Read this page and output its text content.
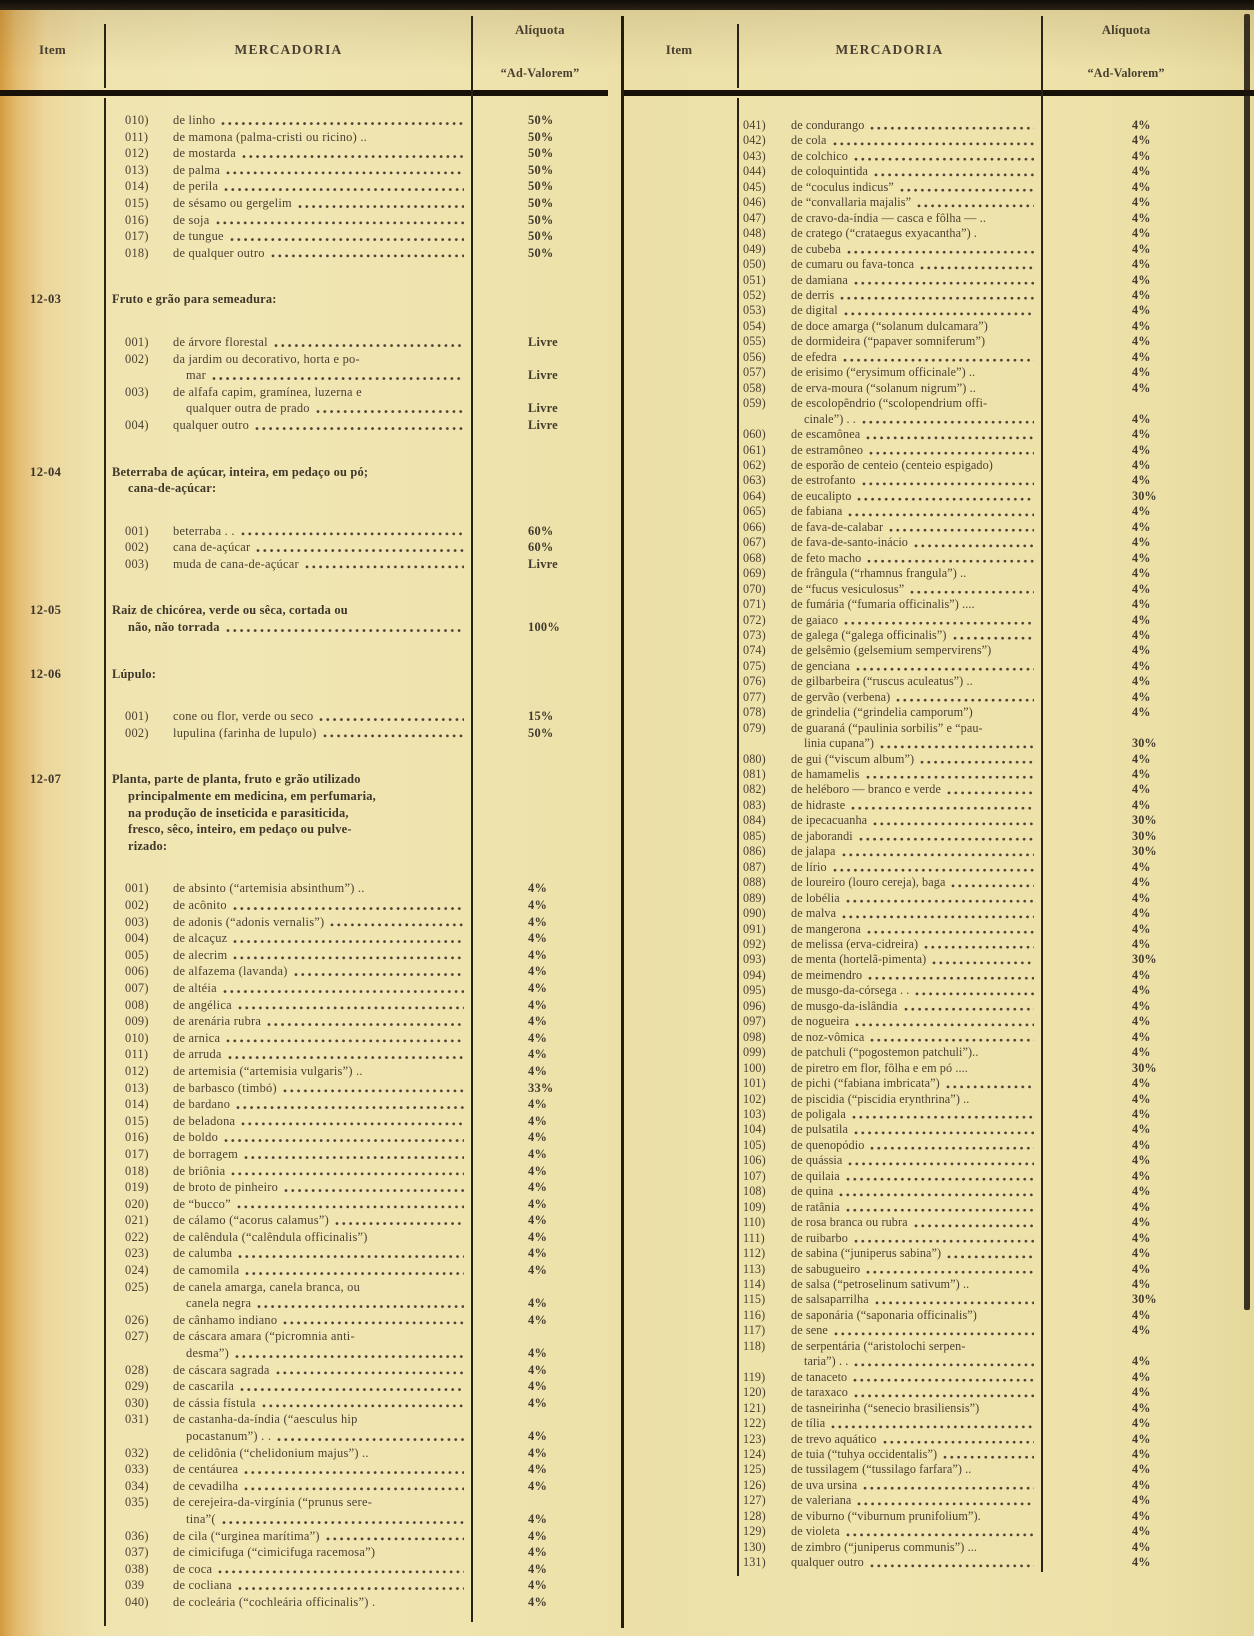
Item	MERCADORIA
Alíquota
“Ad-Valorem”
010)	de linho	50%
011)	de mamona (palma-cristi ou ricino) ..	50%
012)	de mostarda	50%
013)	de palma	50%
014)	de perila	50%
015)	de sésamo ou gergelim	50%
016)	de soja	50%
017)	de tungue	50%
018)	de qualquer outro	50%
12-03	Fruto e grão para semeadura:
001)	de árvore florestal	Livre
002)	da jardim ou decorativo, horta e po-
mar	Livre
003)	de alfafa capim, gramínea, luzerna e
qualquer outra de prado	Livre
004)	qualquer outro	Livre
12-04	Beterraba de açúcar, inteira, em pedaço ou pó;
cana-de-açúcar:
001)	beterraba . .	60%
002)	cana de-açúcar	60%
003)	muda de cana-de-açúcar	Livre
12-05	Raiz de chicórea, verde ou sêca, cortada ou
não, não torrada	100%
12-06	Lúpulo:
001)	cone ou flor, verde ou seco	15%
002)	lupulina (farinha de lupulo)	50%
12-07	Planta, parte de planta, fruto e grão utilizado
principalmente em medicina, em perfumaria,
na produção de inseticida e parasiticida,
fresco, sêco, inteiro, em pedaço ou pulve-
rizado:
001)	de absinto (“artemisia absinthum”) ..	4%
002)	de acônito	4%
003)	de adonis (“adonis vernalis”)	4%
004)	de alcaçuz	4%
005)	de alecrim	4%
006)	de alfazema (lavanda)	4%
007)	de altéia	4%
008)	de angélica	4%
009)	de arenária rubra	4%
010)	de arnica	4%
011)	de arruda	4%
012)	de artemisia (“artemisia vulgaris”) ..	4%
013)	de barbasco (timbó)	33%
014)	de bardano	4%
015)	de beladona	4%
016)	de boldo	4%
017)	de borragem	4%
018)	de briônia	4%
019)	de broto de pinheiro	4%
020)	de “bucco”	4%
021)	de cálamo (“acorus calamus”)	4%
022)	de calêndula (“calêndula officinalis”)	4%
023)	de calumba	4%
024)	de camomila	4%
025)	de canela amarga, canela branca, ou
canela negra	4%
026)	de cânhamo indiano	4%
027)	de cáscara amara (“picromnia anti-
desma”)	4%
028)	de cáscara sagrada	4%
029)	de cascarila	4%
030)	de cássia fístula	4%
031)	de castanha-da-índia (“aesculus hip
pocastanum”) . .	4%
032)	de celidônia (“chelidonium majus”) ..	4%
033)	de centáurea	4%
034)	de cevadilha	4%
035)	de cerejeira-da-virgínia (“prunus sere-
tina”(	4%
036)	de cila (“urginea marítima”)	4%
037)	de cimicifuga (“cimicifuga racemosa”)	4%
038)	de coca	4%
039	de cocliana	4%
040)	de cocleária (“cochleária officinalis”) .	4%
Item	MERCADORIA
Alíquota
“Ad-Valorem”
041)	de condurango	4%
042)	de cola	4%
043)	de colchico	4%
044)	de coloquintida	4%
045)	de “coculus indicus”	4%
046)	de “convallaria majalis”	4%
047)	de cravo-da-índia — casca e fôlha — ..	4%
048)	de cratego (“crataegus exyacantha”) .	4%
049)	de cubeba	4%
050)	de cumaru ou fava-tonca	4%
051)	de damiana	4%
052)	de derris	4%
053)	de digital	4%
054)	de doce amarga (“solanum dulcamara”)	4%
055)	de dormideira (“papaver somniferum”)	4%
056)	de efedra	4%
057)	de erisimo (“erysimum officinale”) ..	4%
058)	de erva-moura (“solanum nigrum”) ..	4%
059)	de escolopêndrio (“scolopendrium offi-
cinale”) . .	4%
060)	de escamônea	4%
061)	de estramôneo	4%
062)	de esporão de centeio (centeio espigado)	4%
063)	de estrofanto	4%
064)	de eucalipto	30%
065)	de fabiana	4%
066)	de fava-de-calabar	4%
067)	de fava-de-santo-inácio	4%
068)	de feto macho	4%
069)	de frângula (“rhamnus frangula”) ..	4%
070)	de “fucus vesiculosus”	4%
071)	de fumária (“fumaria officinalis”) ....	4%
072)	de gaiaco	4%
073)	de galega (“galega officinalis”)	4%
074)	de gelsêmio (gelsemium sempervirens”)	4%
075)	de genciana	4%
076)	de gilbarbeira (“ruscus aculeatus”) ..	4%
077)	de gervão (verbena)	4%
078)	de grindelia (“grindelia camporum”)	4%
079)	de guaraná (“paulinia sorbilis” e “pau-
linia cupana”)	30%
080)	de gui (“viscum album”)	4%
081)	de hamamelis	4%
082)	de heléboro — branco e verde	4%
083)	de hidraste	4%
084)	de ipecacuanha	30%
085)	de jaborandi	30%
086)	de jalapa	30%
087)	de lírio	4%
088)	de loureiro (louro cereja), baga	4%
089)	de lobélia	4%
090)	de malva	4%
091)	de mangerona	4%
092)	de melissa (erva-cidreira)	4%
093)	de menta (hortelã-pimenta)	30%
094)	de meimendro	4%
095)	de musgo-da-córsega . .	4%
096)	de musgo-da-islândia	4%
097)	de nogueira	4%
098)	de noz-vômica	4%
099)	de patchuli (“pogostemon patchuli”)..	4%
100)	de piretro em flor, fôlha e em pó ....	30%
101)	de pichi (“fabiana imbricata”)	4%
102)	de piscidia (“piscidia erynthrina”) ..	4%
103)	de poligala	4%
104)	de pulsatila	4%
105)	de quenopódio	4%
106)	de quássia	4%
107)	de quilaia	4%
108)	de quina	4%
109)	de ratânia	4%
110)	de rosa branca ou rubra	4%
111)	de ruibarbo	4%
112)	de sabina (“juniperus sabina”)	4%
113)	de sabugueiro	4%
114)	de salsa (“petroselinum sativum”) ..	4%
115)	de salsaparrilha	30%
116)	de saponária (“saponaria officinalis”)	4%
117)	de sene	4%
118)	de serpentária (“aristolochi serpen-
taria”) . .	4%
119)	de tanaceto	4%
120)	de taraxaco	4%
121)	de tasneirinha (“senecio brasiliensis”)	4%
122)	de tília	4%
123)	de trevo aquático	4%
124)	de tuia (“tuhya occidentalis”)	4%
125)	de tussilagem (“tussilago farfara”) ..	4%
126)	de uva ursina	4%
127)	de valeriana	4%
128)	de viburno (“viburnum prunifolium”).	4%
129)	de violeta	4%
130)	de zimbro (“juniperus communis”) ...	4%
131)	qualquer outro	4%
